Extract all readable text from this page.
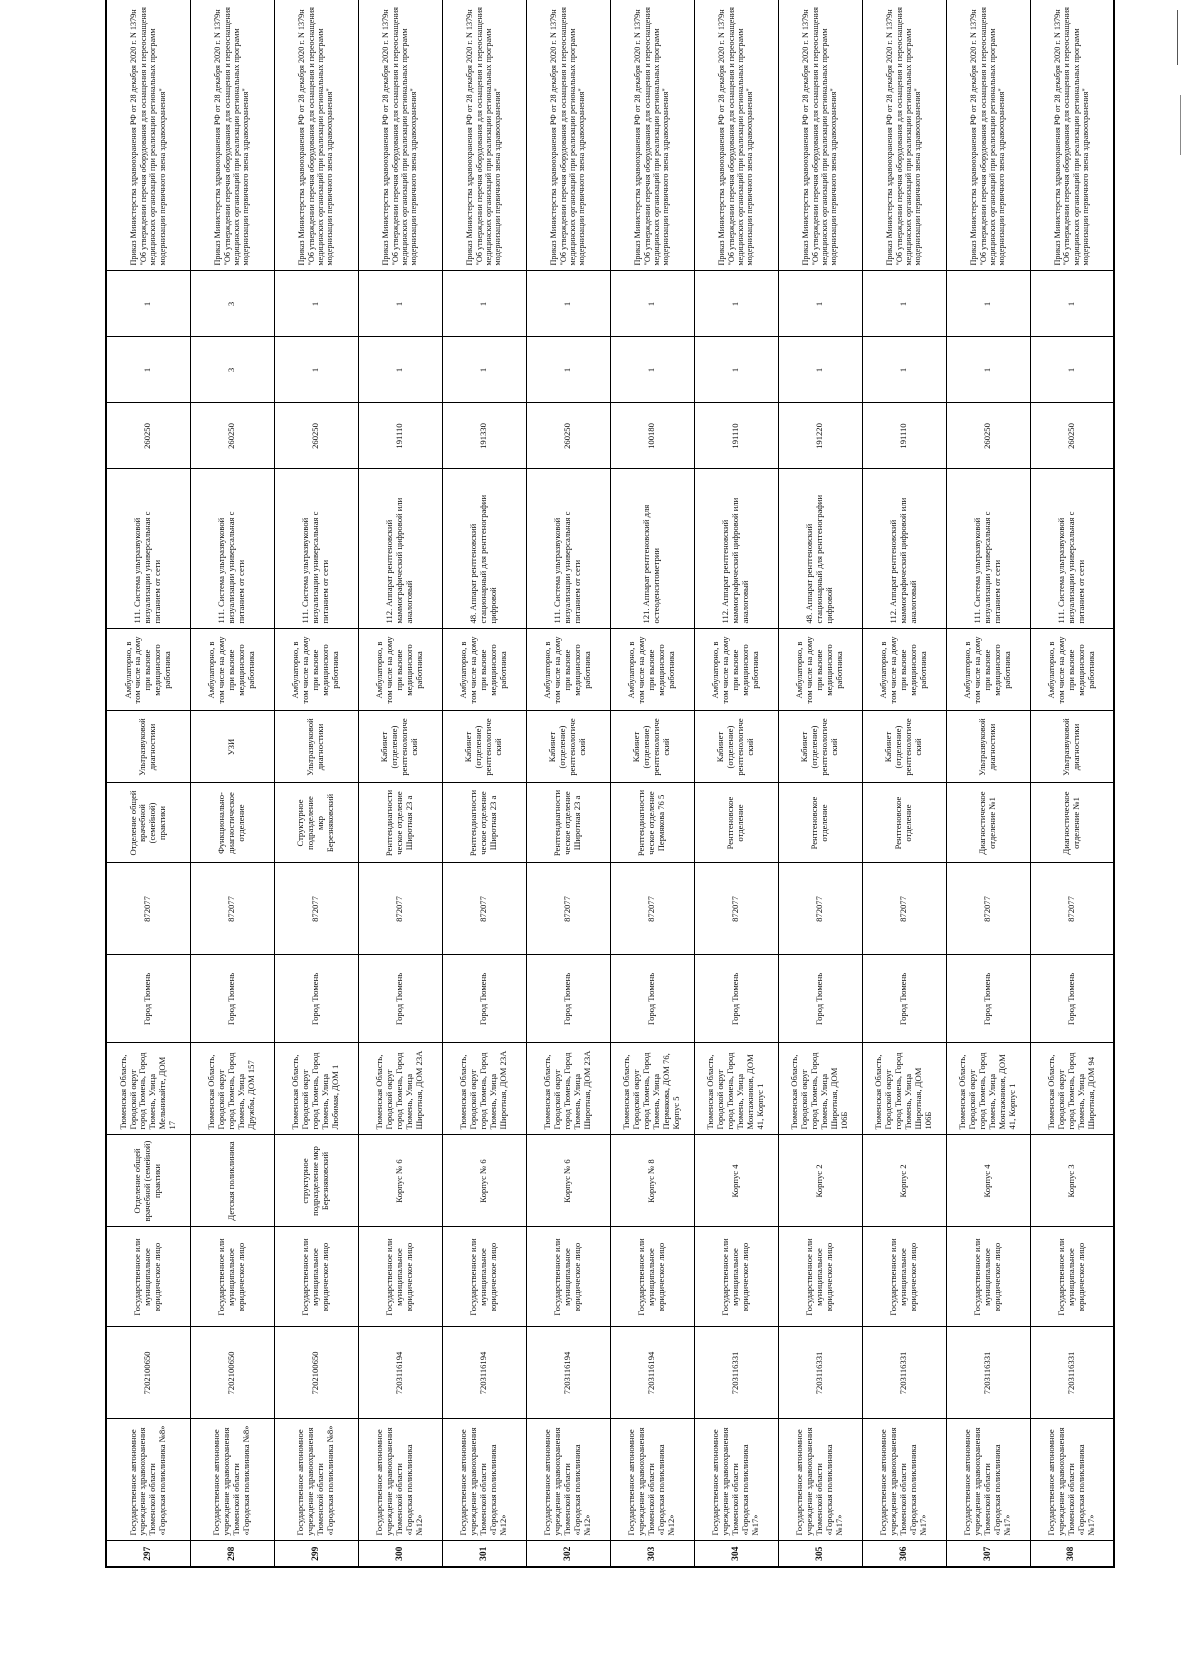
297	Государственное автономное учреждение здравоохранения Тюменской области «Городская поликлиника №8»	7202100650	Государственное или муниципальное юридическое лицо	Отделение общей врачебной (семейной) практики	Тюменская Область, Городской округ город Тюмень, Город Тюмень, Улица Мельникайте, ДОМ 17	Город Тюмень	872077	Отделение общей врачебной (семейной) практики	Ультразвуковой диагностики	Амбулаторно, в том числе на дому при вызове медицинского работника	111. Система ультразвуковой визуализации универсальная с питанием от сети	260250	1	1	Приказ Министерства здравоохранения РФ от 28 декабря 2020 г. N 1379н "Об утверждении перечня оборудования для оснащения и переоснащения медицинских организаций при реализации региональных программ модернизации первичного звена здравоохранения"
298	Государственное автономное учреждение здравоохранения Тюменской области «Городская поликлиника №8»	7202100650	Государственное или муниципальное юридическое лицо	Детская поликлиника	Тюменская Область, Городской округ город Тюмень, Город Тюмень, Улица Дружбы, ДОМ 157	Город Тюмень	872077	Функционально-диагностическое отделение	УЗИ	Амбулаторно, в том числе на дому при вызове медицинского работника	111. Система ультразвуковой визуализации универсальная с питанием от сети	260250	3	3	Приказ Министерства здравоохранения РФ от 28 декабря 2020 г. N 1379н "Об утверждении перечня оборудования для оснащения и переоснащения медицинских организаций при реализации региональных программ модернизации первичного звена здравоохранения"
299	Государственное автономное учреждение здравоохранения Тюменской области «Городская поликлиника №8»	7202100650	Государственное или муниципальное юридическое лицо	структурное подразделение мкр Березняковский	Тюменская Область, Городской округ город Тюмень, Город Тюмень, Улица Любимая, ДОМ 1	Город Тюмень	872077	Структурное подразделение мкр Березняковский	Ультразвуковой диагностики	Амбулаторно, в том числе на дому при вызове медицинского работника	111. Система ультразвуковой визуализации универсальная с питанием от сети	260250	1	1	Приказ Министерства здравоохранения РФ от 28 декабря 2020 г. N 1379н "Об утверждении перечня оборудования для оснащения и переоснащения медицинских организаций при реализации региональных программ модернизации первичного звена здравоохранения"
300	Государственное автономное учреждение здравоохранения Тюменской области «Городская поликлиника №12»	7203116194	Государственное или муниципальное юридическое лицо	Корпус № 6	Тюменская Область, Городской округ город Тюмень, Город Тюмень, Улица Широтная, ДОМ 23А	Город Тюмень	872077	Рентгендиагностическое отделение Широтная 23 а	Кабинет (отделение) рентгенологический	Амбулаторно, в том числе на дому при вызове медицинского работника	112. Аппарат рентгеновский маммографический цифровой или аналоговый	191110	1	1	Приказ Министерства здравоохранения РФ от 28 декабря 2020 г. N 1379н "Об утверждении перечня оборудования для оснащения и переоснащения медицинских организаций при реализации региональных программ модернизации первичного звена здравоохранения"
301	Государственное автономное учреждение здравоохранения Тюменской области «Городская поликлиника №12»	7203116194	Государственное или муниципальное юридическое лицо	Корпус № 6	Тюменская Область, Городской округ город Тюмень, Город Тюмень, Улица Широтная, ДОМ 23А	Город Тюмень	872077	Рентгендиагностическое отделение Широтная 23 а	Кабинет (отделение) рентгенологический	Амбулаторно, в том числе на дому при вызове медицинского работника	48. Аппарат рентгеновский стационарный для рентгенографии цифровой	191330	1	1	Приказ Министерства здравоохранения РФ от 28 декабря 2020 г. N 1379н "Об утверждении перечня оборудования для оснащения и переоснащения медицинских организаций при реализации региональных программ модернизации первичного звена здравоохранения"
302	Государственное автономное учреждение здравоохранения Тюменской области «Городская поликлиника №12»	7203116194	Государственное или муниципальное юридическое лицо	Корпус № 6	Тюменская Область, Городской округ город Тюмень, Город Тюмень, Улица Широтная, ДОМ 23А	Город Тюмень	872077	Рентгендиагностическое отделение Широтная 23 а	Кабинет (отделение) рентгенологический	Амбулаторно, в том числе на дому при вызове медицинского работника	111. Система ультразвуковой визуализации универсальная с питанием от сети	260250	1	1	Приказ Министерства здравоохранения РФ от 28 декабря 2020 г. N 1379н "Об утверждении перечня оборудования для оснащения и переоснащения медицинских организаций при реализации региональных программ модернизации первичного звена здравоохранения"
303	Государственное автономное учреждение здравоохранения Тюменской области «Городская поликлиника №12»	7203116194	Государственное или муниципальное юридическое лицо	Корпус № 8	Тюменская Область, Городской округ город Тюмень, Город Тюмень, Улица Пермякова, ДОМ 76, Корпус 5	Город Тюмень	872077	Рентгендиагностическое отделение Пермякова 76 5	Кабинет (отделение) рентгенологический	Амбулаторно, в том числе на дому при вызове медицинского работника	121. Аппарат рентгеновский для остеоденситометрии	100180	1	1	Приказ Министерства здравоохранения РФ от 28 декабря 2020 г. N 1379н "Об утверждении перечня оборудования для оснащения и переоснащения медицинских организаций при реализации региональных программ модернизации первичного звена здравоохранения"
304	Государственное автономное учреждение здравоохранения Тюменской области «Городская поликлиника №17»	7203116331	Государственное или муниципальное юридическое лицо	Корпус 4	Тюменская Область, Городской округ город Тюмень, Город Тюмень, Улица Монтажников, ДОМ 41, Корпус 1	Город Тюмень	872077	Рентгеновское отделение	Кабинет (отделение) рентгенологический	Амбулаторно, в том числе на дому при вызове медицинского работника	112. Аппарат рентгеновский маммографический цифровой или аналоговый	191110	1	1	Приказ Министерства здравоохранения РФ от 28 декабря 2020 г. N 1379н "Об утверждении перечня оборудования для оснащения и переоснащения медицинских организаций при реализации региональных программ модернизации первичного звена здравоохранения"
305	Государственное автономное учреждение здравоохранения Тюменской области «Городская поликлиника №17»	7203116331	Государственное или муниципальное юридическое лицо	Корпус 2	Тюменская Область, Городской округ город Тюмень, Город Тюмень, Улица Широтная, ДОМ 106Б	Город Тюмень	872077	Рентгеновское отделение	Кабинет (отделение) рентгенологический	Амбулаторно, в том числе на дому при вызове медицинского работника	48. Аппарат рентгеновский стационарный для рентгенографии цифровой	191220	1	1	Приказ Министерства здравоохранения РФ от 28 декабря 2020 г. N 1379н "Об утверждении перечня оборудования для оснащения и переоснащения медицинских организаций при реализации региональных программ модернизации первичного звена здравоохранения"
306	Государственное автономное учреждение здравоохранения Тюменской области «Городская поликлиника №17»	7203116331	Государственное или муниципальное юридическое лицо	Корпус 2	Тюменская Область, Городской округ город Тюмень, Город Тюмень, Улица Широтная, ДОМ 106Б	Город Тюмень	872077	Рентгеновское отделение	Кабинет (отделение) рентгенологический	Амбулаторно, в том числе на дому при вызове медицинского работника	112. Аппарат рентгеновский маммографический цифровой или аналоговый	191110	1	1	Приказ Министерства здравоохранения РФ от 28 декабря 2020 г. N 1379н "Об утверждении перечня оборудования для оснащения и переоснащения медицинских организаций при реализации региональных программ модернизации первичного звена здравоохранения"
307	Государственное автономное учреждение здравоохранения Тюменской области «Городская поликлиника №17»	7203116331	Государственное или муниципальное юридическое лицо	Корпус 4	Тюменская Область, Городской округ город Тюмень, Город Тюмень, Улица Монтажников, ДОМ 41, Корпус 1	Город Тюмень	872077	Диагностическое отделение №1	Ультразвуковой диагностики	Амбулаторно, в том числе на дому при вызове медицинского работника	111. Система ультразвуковой визуализации универсальная с питанием от сети	260250	1	1	Приказ Министерства здравоохранения РФ от 28 декабря 2020 г. N 1379н "Об утверждении перечня оборудования для оснащения и переоснащения медицинских организаций при реализации региональных программ модернизации первичного звена здравоохранения"
308	Государственное автономное учреждение здравоохранения Тюменской области «Городская поликлиника №17»	7203116331	Государственное или муниципальное юридическое лицо	Корпус 3	Тюменская Область, Городской округ город Тюмень, Город Тюмень, Улица Широтная, ДОМ 94	Город Тюмень	872077	Диагностическое отделение №1	Ультразвуковой диагностики	Амбулаторно, в том числе на дому при вызове медицинского работника	111. Система ультразвуковой визуализации универсальная с питанием от сети	260250	1	1	Приказ Министерства здравоохранения РФ от 28 декабря 2020 г. N 1379н "Об утверждении перечня оборудования для оснащения и переоснащения медицинских организаций при реализации региональных программ модернизации первичного звена здравоохранения"
